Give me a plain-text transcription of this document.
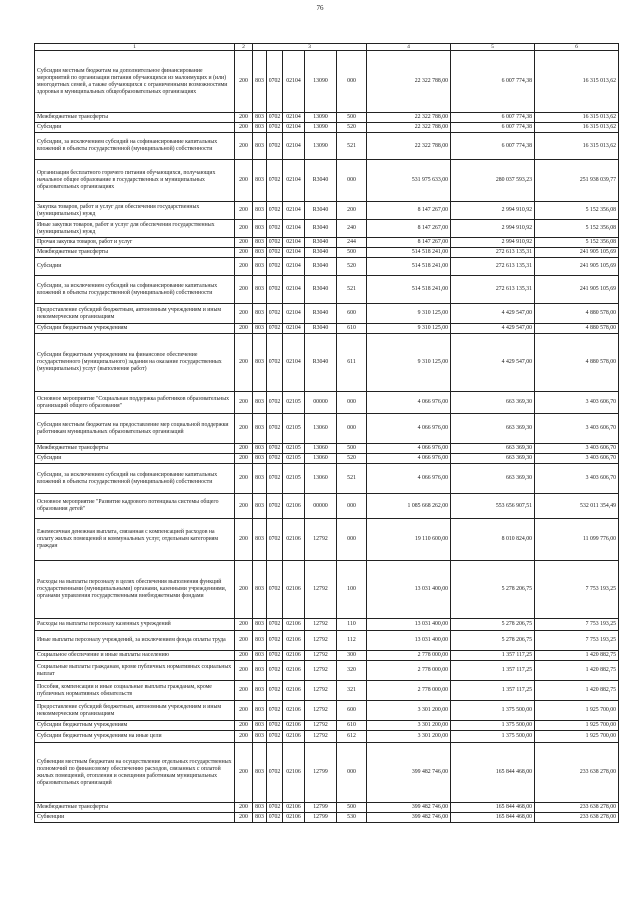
76
1	2	3					4	5	6
Субсидия местным бюджетам на дополнительное финансирование мероприятий по организации питания обучающихся из малоимущих и (или) многодетных семей, а также обучающихся с ограниченными возможностями здоровья в муниципальных общеобразовательных организациях	200	803	0702	02104	13090	000	22 322 788,00	6 007 774,38	16 315 013,62
Межбюджетные трансферты	200	803	0702	02104	13090	500	22 322 788,00	6 007 774,38	16 315 013,62
Субсидии	200	803	0702	02104	13090	520	22 322 788,00	6 007 774,38	16 315 013,62
Субсидии, за исключением субсидий на софинансирование капитальных вложений в объекты государственной (муниципальной) собственности	200	803	0702	02104	13090	521	22 322 788,00	6 007 774,38	16 315 013,62
Организация бесплатного горячего питания обучающихся, получающих начальное общее образование в государственных и муниципальных образовательных организациях	200	803	0702	02104	R3040	000	531 975 633,00	280 037 593,23	251 938 039,77
Закупка товаров, работ и услуг для обеспечения государственных (муниципальных) нужд	200	803	0702	02104	R3040	200	8 147 267,00	2 994 910,92	5 152 356,08
Иные закупки товаров, работ и услуг для обеспечения государственных (муниципальных) нужд	200	803	0702	02104	R3040	240	8 147 267,00	2 994 910,92	5 152 356,08
Прочая закупка товаров, работ и услуг	200	803	0702	02104	R3040	244	8 147 267,00	2 994 910,92	5 152 356,08
Межбюджетные трансферты	200	803	0702	02104	R3040	500	514 518 241,00	272 613 135,31	241 905 105,69
Субсидии	200	803	0702	02104	R3040	520	514 518 241,00	272 613 135,31	241 905 105,69
Субсидии, за исключением субсидий на софинансирование капитальных вложений в объекты государственной (муниципальной) собственности	200	803	0702	02104	R3040	521	514 518 241,00	272 613 135,31	241 905 105,69
Предоставление субсидий бюджетным, автономным учреждениям и иным некоммерческим организациям	200	803	0702	02104	R3040	600	9 310 125,00	4 429 547,00	4 880 578,00
Субсидии бюджетным учреждениям	200	803	0702	02104	R3040	610	9 310 125,00	4 429 547,00	4 880 578,00
Субсидии бюджетным учреждениям на финансовое обеспечение государственного (муниципального) задания на оказание государственных (муниципальных) услуг (выполнение работ)	200	803	0702	02104	R3040	611	9 310 125,00	4 429 547,00	4 880 578,00
Основное мероприятие "Социальная поддержка работников образовательных организаций общего образования"	200	803	0702	02105	00000	000	4 066 976,00	663 369,30	3 403 606,70
Субсидия местным бюджетам на предоставление мер социальной поддержки работникам муниципальных образовательных организаций	200	803	0702	02105	13060	000	4 066 976,00	663 369,30	3 403 606,70
Межбюджетные трансферты	200	803	0702	02105	13060	500	4 066 976,00	663 369,30	3 403 606,70
Субсидии	200	803	0702	02105	13060	520	4 066 976,00	663 369,30	3 403 606,70
Субсидии, за исключением субсидий на софинансирование капитальных вложений в объекты государственной (муниципальной) собственности	200	803	0702	02105	13060	521	4 066 976,00	663 369,30	3 403 606,70
Основное мероприятие "Развитие кадрового потенциала системы общего образования детей"	200	803	0702	02106	00000	000	1 085 668 262,00	553 656 907,51	532 011 354,49
Ежемесячная денежная выплата, связанная с компенсацией расходов на оплату жилых помещений и коммунальных услуг, отдельным категориям граждан	200	803	0702	02106	12792	000	19 110 600,00	8 010 824,00	11 099 776,00
Расходы на выплаты персоналу в целях обеспечения выполнения функций государственными (муниципальными) органами, казенными учреждениями, органами управления государственными внебюджетными фондами	200	803	0702	02106	12792	100	13 031 400,00	5 278 206,75	7 753 193,25
Расходы на выплаты персоналу казенных учреждений	200	803	0702	02106	12792	110	13 031 400,00	5 278 206,75	7 753 193,25
Иные выплаты персоналу учреждений, за исключением фонда оплаты труда	200	803	0702	02106	12792	112	13 031 400,00	5 278 206,75	7 753 193,25
Социальное обеспечение и иные выплаты населению	200	803	0702	02106	12792	300	2 778 000,00	1 357 117,25	1 420 882,75
Социальные выплаты гражданам, кроме публичных нормативных социальных выплат	200	803	0702	02106	12792	320	2 778 000,00	1 357 117,25	1 420 882,75
Пособия, компенсации и иные социальные выплаты гражданам, кроме публичных нормативных обязательств	200	803	0702	02106	12792	321	2 778 000,00	1 357 117,25	1 420 882,75
Предоставление субсидий бюджетным, автономным учреждениям и иным некоммерческим организациям	200	803	0702	02106	12792	600	3 301 200,00	1 375 500,00	1 925 700,00
Субсидии бюджетным учреждениям	200	803	0702	02106	12792	610	3 301 200,00	1 375 500,00	1 925 700,00
Субсидии бюджетным учреждениям на иные цели	200	803	0702	02106	12792	612	3 301 200,00	1 375 500,00	1 925 700,00
Субвенция местным бюджетам на осуществление отдельных государственных полномочий по финансовому обеспечению расходов, связанных с оплатой жилых помещений, отопления и освещения работникам муниципальных образовательных организаций	200	803	0702	02106	12799	000	399 482 746,00	165 844 468,00	233 638 278,00
Межбюджетные трансферты	200	803	0702	02106	12799	500	399 482 746,00	165 844 468,00	233 638 278,00
Субвенции	200	803	0702	02106	12799	530	399 482 746,00	165 844 468,00	233 638 278,00
